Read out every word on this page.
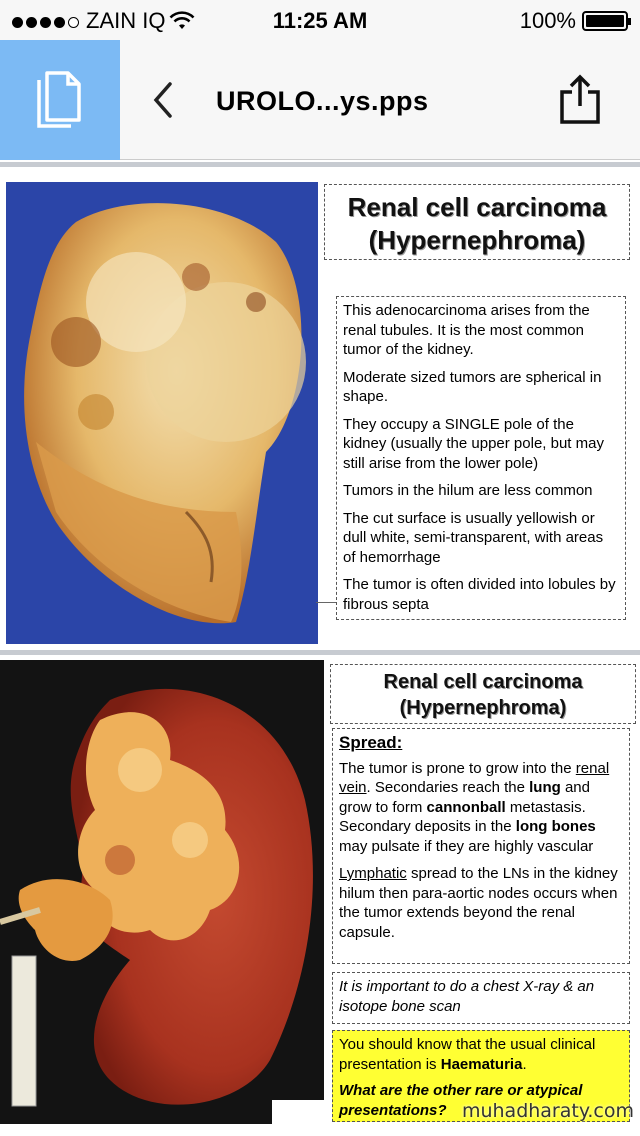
ZAIN IQ	11:25 AM	100%
UROLO...ys.pps
Renal cell carcinoma
(Hypernephroma)

This adenocarcinoma arises from the renal tubules. It is the most common tumor of the kidney.

Moderate sized tumors are spherical in shape.

They occupy a SINGLE pole of the kidney (usually the upper pole, but may still arise from the lower pole)

Tumors in the hilum are less common

The cut surface is usually yellowish or dull white, semi-transparent, with areas of hemorrhage

The tumor is often divided into lobules by fibrous septa

Renal cell carcinoma
(Hypernephroma)

Spread:

The tumor is prone to grow into the renal vein. Secondaries reach the lung and grow to form cannonball metastasis. Secondary deposits in the long bones may pulsate if they are highly vascular

Lymphatic spread to the LNs in the kidney hilum then para-aortic nodes occurs when the tumor extends beyond the renal capsule.

It is important to do a chest X-ray & an isotope bone scan

You should know that the usual clinical presentation is Haematuria.

What are the other rare or atypical presentations? muhadharaty.com
